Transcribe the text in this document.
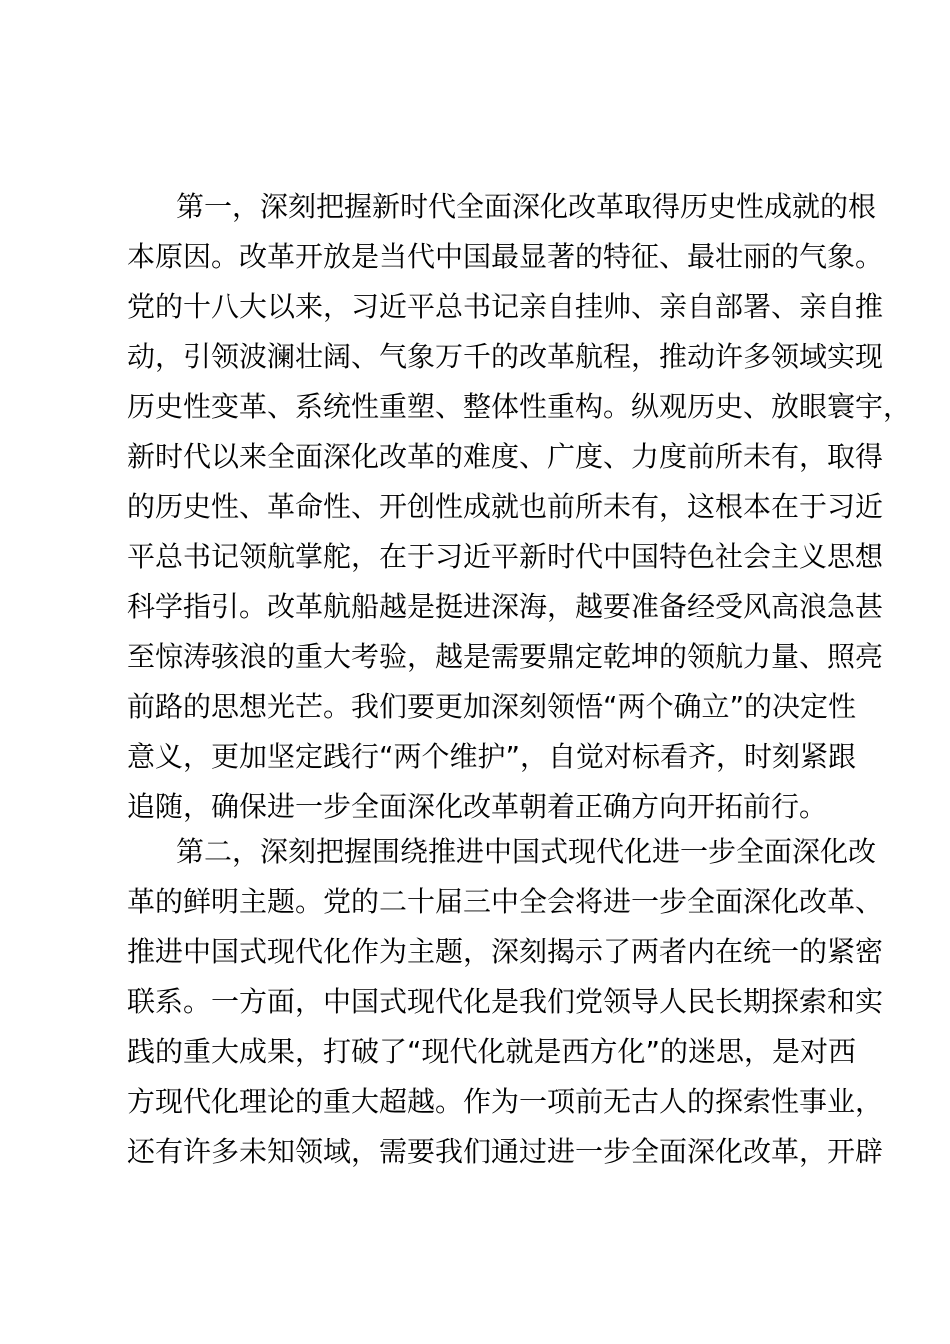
第一，深刻把握新时代全面深化改革取得历史性成就的根
本原因。改革开放是当代中国最显著的特征、最壮丽的气象。
党的十八大以来，习近平总书记亲自挂帅、亲自部署、亲自推
动，引领波澜壮阔、气象万千的改革航程，推动许多领域实现
历史性变革、系统性重塑、整体性重构。纵观历史、放眼寰宇，
新时代以来全面深化改革的难度、广度、力度前所未有，取得
的历史性、革命性、开创性成就也前所未有，这根本在于习近
平总书记领航掌舵，在于习近平新时代中国特色社会主义思想
科学指引。改革航船越是挺进深海，越要准备经受风高浪急甚
至惊涛骇浪的重大考验，越是需要鼎定乾坤的领航力量、照亮
前路的思想光芒。我们要更加深刻领悟“两个确立”的决定性
意义，更加坚定践行“两个维护”，自觉对标看齐，时刻紧跟
追随，确保进一步全面深化改革朝着正确方向开拓前行。
第二，深刻把握围绕推进中国式现代化进一步全面深化改
革的鲜明主题。党的二十届三中全会将进一步全面深化改革、
推进中国式现代化作为主题，深刻揭示了两者内在统一的紧密
联系。一方面，中国式现代化是我们党领导人民长期探索和实
践的重大成果，打破了“现代化就是西方化”的迷思，是对西
方现代化理论的重大超越。作为一项前无古人的探索性事业，
还有许多未知领域，需要我们通过进一步全面深化改革，开辟
